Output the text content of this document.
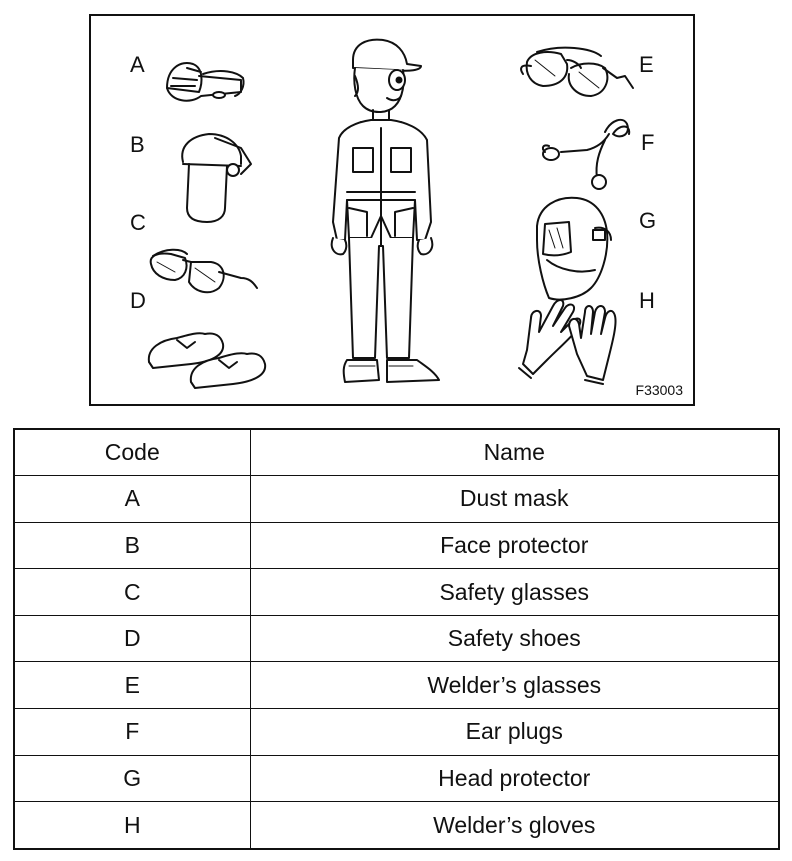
A
B
C
D
E
F
G
H
F33003
Code	Name
A	Dust mask
B	Face protector
C	Safety glasses
D	Safety shoes
E	Welder’s glasses
F	Ear plugs
G	Head protector
H	Welder’s gloves
